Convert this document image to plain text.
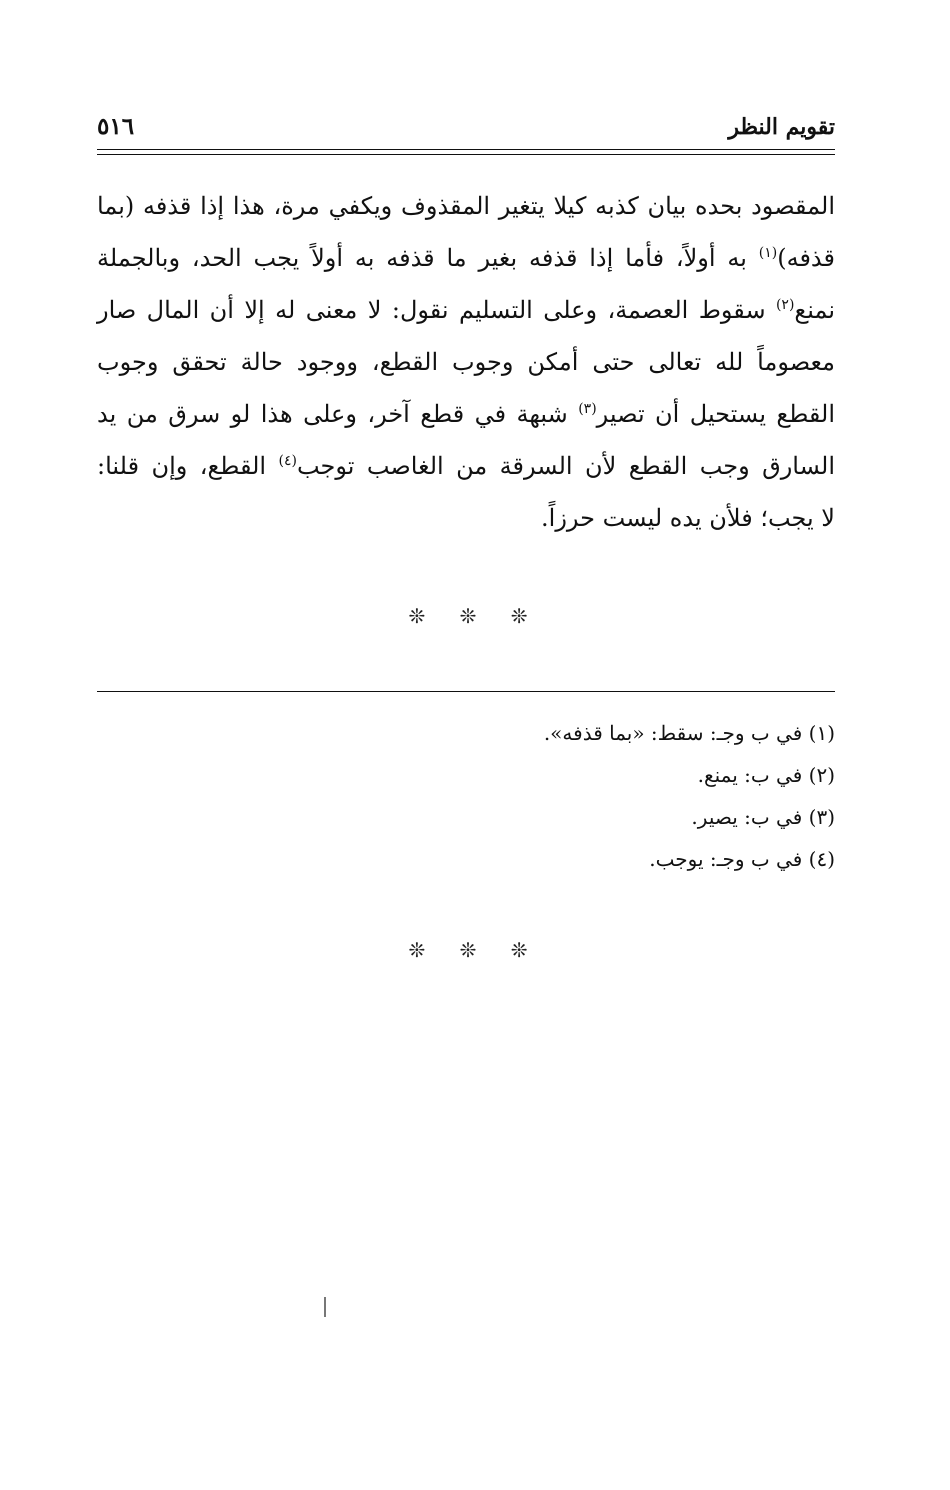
تقويم النظر
٥١٦
المقصود بحده بيان كذبه كيلا يتغير المقذوف ويكفي مرة، هذا إذا قذفه (بما
قذفه)$^{(١)}$ به أولاً، فأما إذا قذفه بغير ما قذفه به أولاً يجب الحد، وبالجملة
نمنع$^{(٢)}$ سقوط العصمة، وعلى التسليم نقول: لا معنى له إلا أن المال صار
معصوماً لله تعالى حتى أمكن وجوب القطع، ووجود حالة تحقق وجوب
القطع يستحيل أن تصير$^{(٣)}$ شبهة في قطع آخر، وعلى هذا لو سرق من يد
السارق وجب القطع لأن السرقة من الغاصب توجب$^{(٤)}$ القطع، وإن قلنا:
لا يجب؛ فلأن يده ليست حرزاً.
❊ ❊ ❊
(١) في ب وجـ: سقط: «بما قذفه».
(٢) في ب: يمنع.
(٣) في ب: يصير.
(٤) في ب وجـ: يوجب.
❊ ❊ ❊
